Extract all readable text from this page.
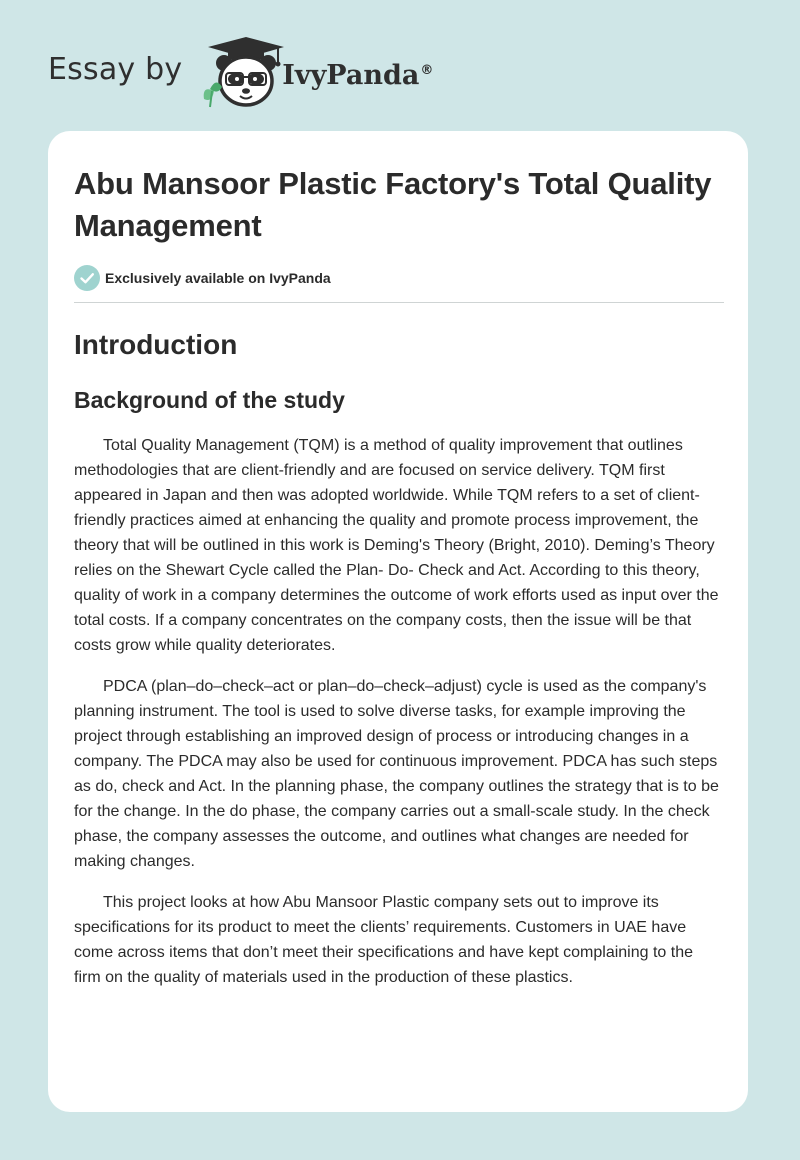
Essay by	IvyPanda®
Abu Mansoor Plastic Factory's Total Quality Management
Exclusively available on IvyPanda
Introduction
Background of the study

Total Quality Management (TQM) is a method of quality improvement that outlines methodologies that are client-friendly and are focused on service delivery. TQM first appeared in Japan and then was adopted worldwide. While TQM refers to a set of client-friendly practices aimed at enhancing the quality and promote process improvement, the theory that will be outlined in this work is Deming's Theory (Bright, 2010). Deming’s Theory relies on the Shewart Cycle called the Plan- Do- Check and Act. According to this theory, quality of work in a company determines the outcome of work efforts used as input over the total costs. If a company concentrates on the company costs, then the issue will be that costs grow while quality deteriorates.

PDCA (plan–do–check–act or plan–do–check–adjust) cycle is used as the company's planning instrument. The tool is used to solve diverse tasks, for example improving the project through establishing an improved design of process or introducing changes in a company. The PDCA may also be used for continuous improvement. PDCA has such steps as do, check and Act. In the planning phase, the company outlines the strategy that is to be for the change. In the do phase, the company carries out a small-scale study. In the check phase, the company assesses the outcome, and outlines what changes are needed for making changes.

This project looks at how Abu Mansoor Plastic company sets out to improve its specifications for its product to meet the clients’ requirements. Customers in UAE have come across items that don’t meet their specifications and have kept complaining to the firm on the quality of materials used in the production of these plastics.
